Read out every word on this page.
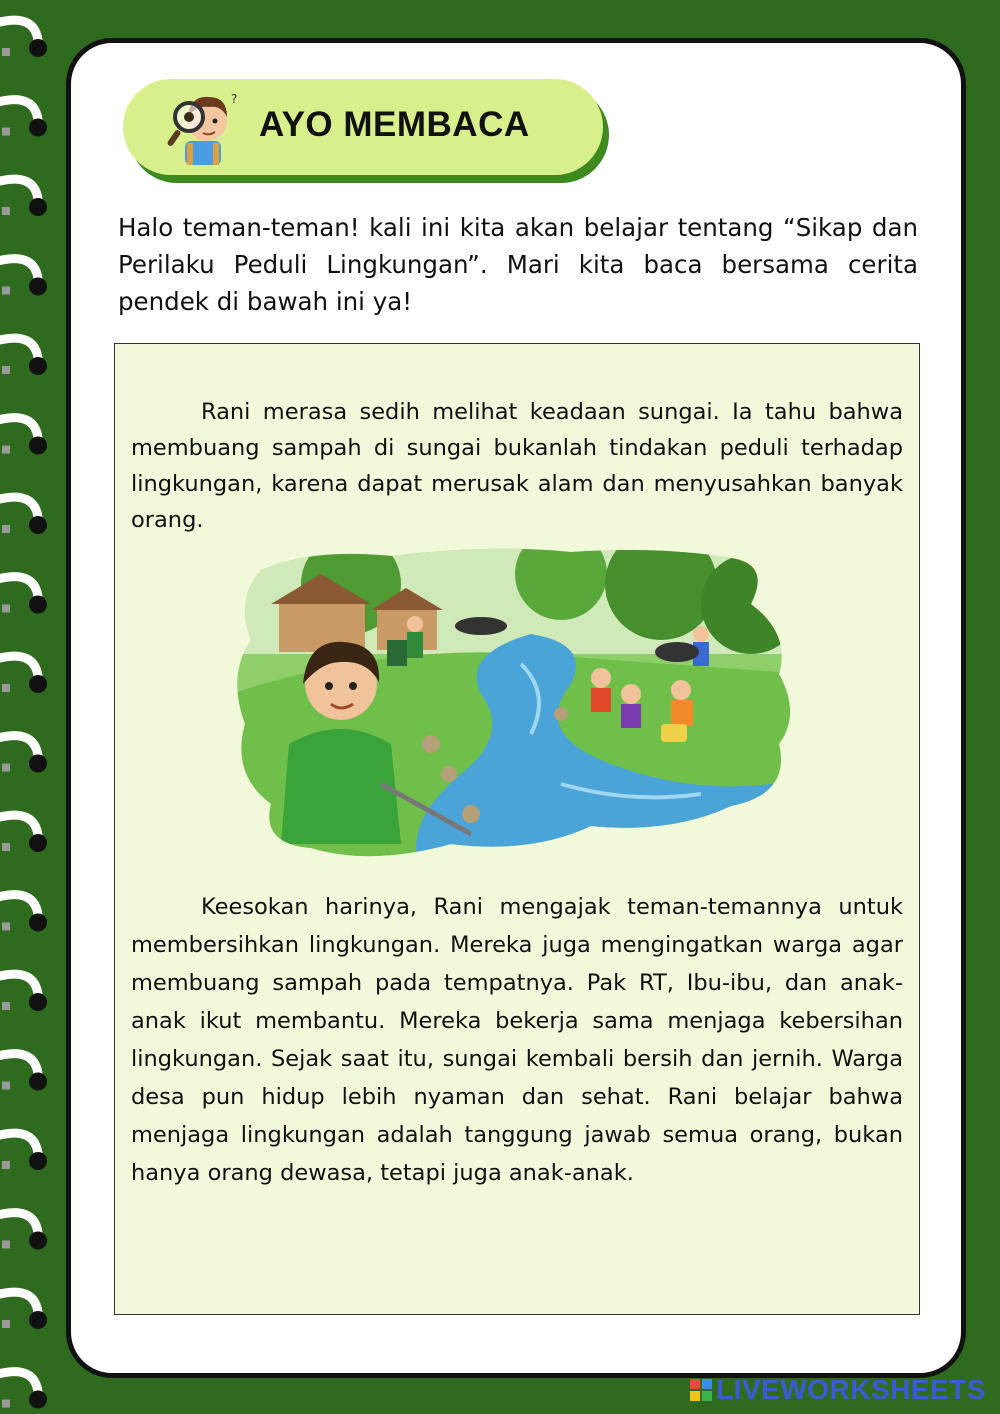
?
AYO MEMBACA

Halo teman-teman! kali ini kita akan belajar tentang “Sikap dan Perilaku Peduli Lingkungan”. Mari kita baca bersama cerita pendek di bawah ini ya!

Rani merasa sedih melihat keadaan sungai. Ia tahu bahwa membuang sampah di sungai bukanlah tindakan peduli terhadap lingkungan, karena dapat merusak alam dan menyusahkan banyak orang.

Keesokan harinya, Rani mengajak teman-temannya untuk membersihkan lingkungan. Mereka juga mengingatkan warga agar membuang sampah pada tempatnya. Pak RT, Ibu-ibu, dan anak-anak ikut membantu. Mereka bekerja sama menjaga kebersihan lingkungan. Sejak saat itu, sungai kembali bersih dan jernih. Warga desa pun hidup lebih nyaman dan sehat. Rani belajar bahwa menjaga lingkungan adalah tanggung jawab semua orang, bukan hanya orang dewasa, tetapi juga anak-anak.

LIVEWORKSHEETS
